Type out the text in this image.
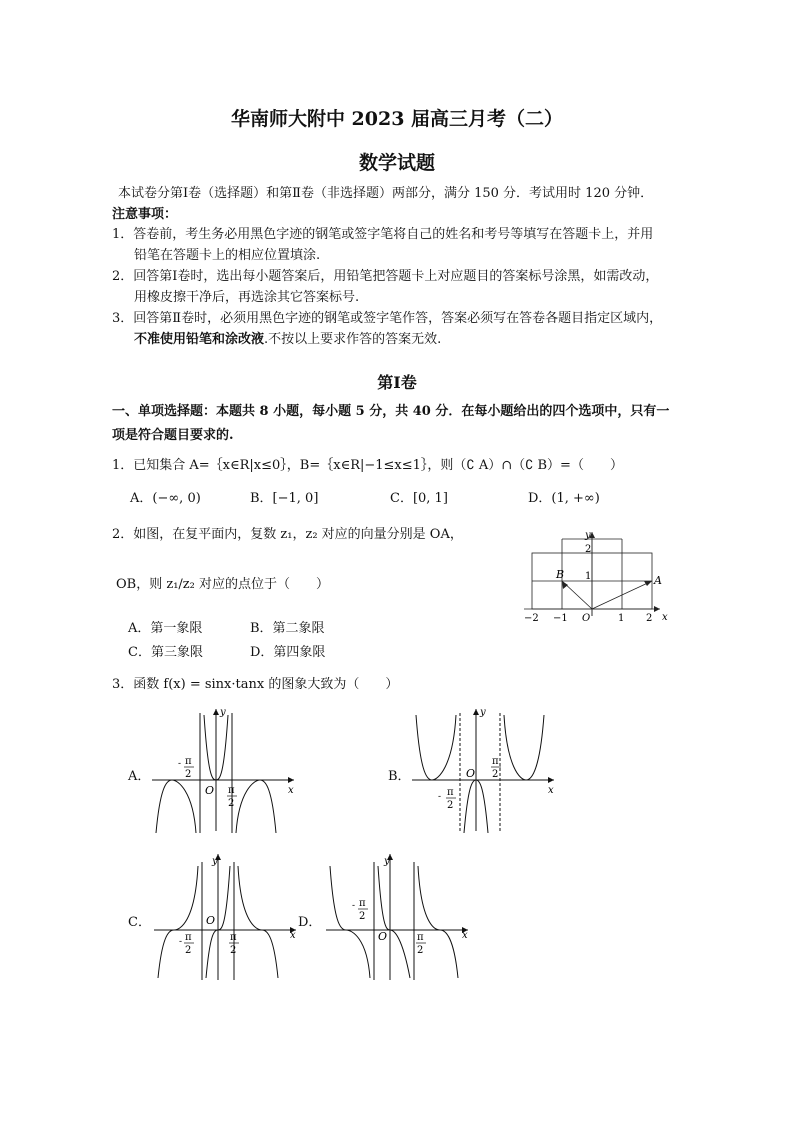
华南师大附中 2023 届高三月考（二）
数学试题
本试卷分第Ⅰ卷（选择题）和第Ⅱ卷（非选择题）两部分，满分 150 分．考试用时 120 分钟．
注意事项：
1．答卷前，考生务必用黑色字迹的钢笔或签字笔将自己的姓名和考号等填写在答题卡上，并用
铅笔在答题卡上的相应位置填涂.
2．回答第Ⅰ卷时，选出每小题答案后，用铅笔把答题卡上对应题目的答案标号涂黑，如需改动，
用橡皮擦干净后，再选涂其它答案标号.
3．回答第Ⅱ卷时，必须用黑色字迹的钢笔或签字笔作答，答案必须写在答卷各题目指定区域内，
不准使用铅笔和涂改液.不按以上要求作答的答案无效.
第Ⅰ卷
一、单项选择题：本题共 8 小题，每小题 5 分，共 40 分．在每小题给出的四个选项中，只有一
项是符合题目要求的.
1．已知集合 A=｛x∈R|x≤0｝，B=｛x∈R|−1≤x≤1｝，则（∁ A）∩（∁ B）=（　　）
A．(−∞, 0)	B．[−1, 0]	C．[0, 1]	D．(1, +∞)
2．如图，在复平面内，复数 z₁，z₂ 对应的向量分别是 OA，
OB，则 z₁/z₂ 对应的点位于（　　）
A．第一象限	B．第二象限
C．第三象限	D．第四象限
A
B
x
y
−2 −1 O	1 2
2
1
3．函数 f(x) = sinx·tanx 的图象大致为（　　）
A．	B．
C．	D．
y
x
O
- π
2
π
2
y
x
O
π
2
- π
2
y
x
O
- π
2
π
2
y
x
O
- π
2
π
2
